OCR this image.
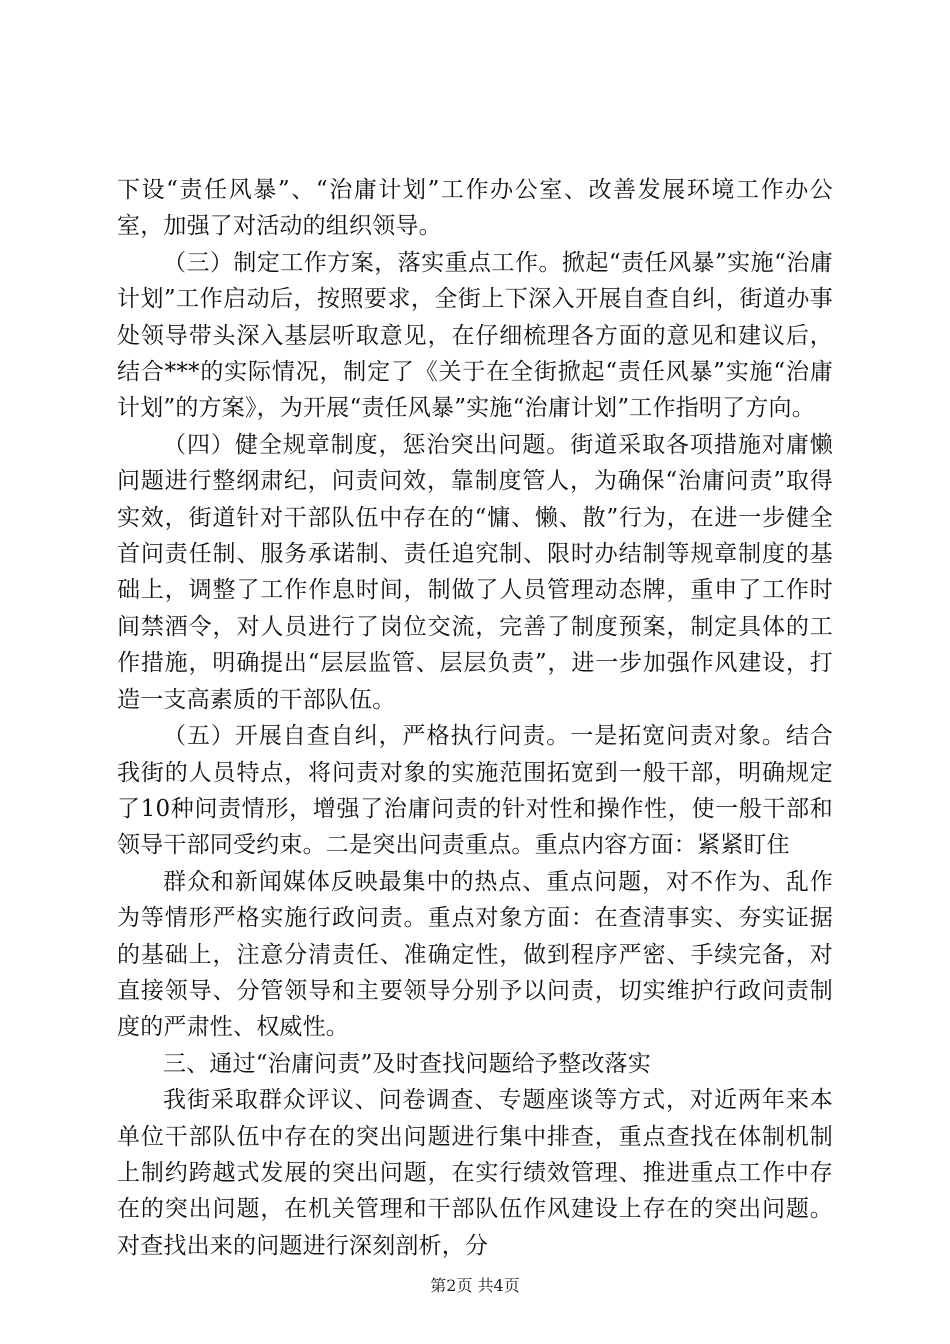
下设“责任风暴”、“治庸计划”工作办公室、改善发展环境工作办公室，加强了对活动的组织领导。

（三）制定工作方案，落实重点工作。掀起“责任风暴”实施“治庸计划”工作启动后，按照要求，全街上下深入开展自查自纠，街道办事处领导带头深入基层听取意见，在仔细梳理各方面的意见和建议后，结合***的实际情况，制定了《关于在全街掀起“责任风暴”实施“治庸计划”的方案》，为开展“责任风暴”实施“治庸计划”工作指明了方向。

（四）健全规章制度，惩治突出问题。街道采取各项措施对庸懒问题进行整纲肃纪，问责问效，靠制度管人，为确保“治庸问责”取得实效，街道针对干部队伍中存在的“慵、懒、散”行为，在进一步健全首问责任制、服务承诺制、责任追究制、限时办结制等规章制度的基础上，调整了工作作息时间，制做了人员管理动态牌，重申了工作时间禁酒令，对人员进行了岗位交流，完善了制度预案，制定具体的工作措施，明确提出“层层监管、层层负责”，进一步加强作风建设，打造一支高素质的干部队伍。

（五）开展自查自纠，严格执行问责。一是拓宽问责对象。结合我街的人员特点，将问责对象的实施范围拓宽到一般干部，明确规定了10种问责情形，增强了治庸问责的针对性和操作性，使一般干部和领导干部同受约束。二是突出问责重点。重点内容方面：紧紧盯住

群众和新闻媒体反映最集中的热点、重点问题，对不作为、乱作为等情形严格实施行政问责。重点对象方面：在查清事实、夯实证据的基础上，注意分清责任、准确定性，做到程序严密、手续完备，对直接领导、分管领导和主要领导分别予以问责，切实维护行政问责制度的严肃性、权威性。

三、通过“治庸问责”及时查找问题给予整改落实

我街采取群众评议、问卷调查、专题座谈等方式，对近两年来本单位干部队伍中存在的突出问题进行集中排查，重点查找在体制机制上制约跨越式发展的突出问题，在实行绩效管理、推进重点工作中存在的突出问题，在机关管理和干部队伍作风建设上存在的突出问题。对查找出来的问题进行深刻剖析，分

第2页 共4页
